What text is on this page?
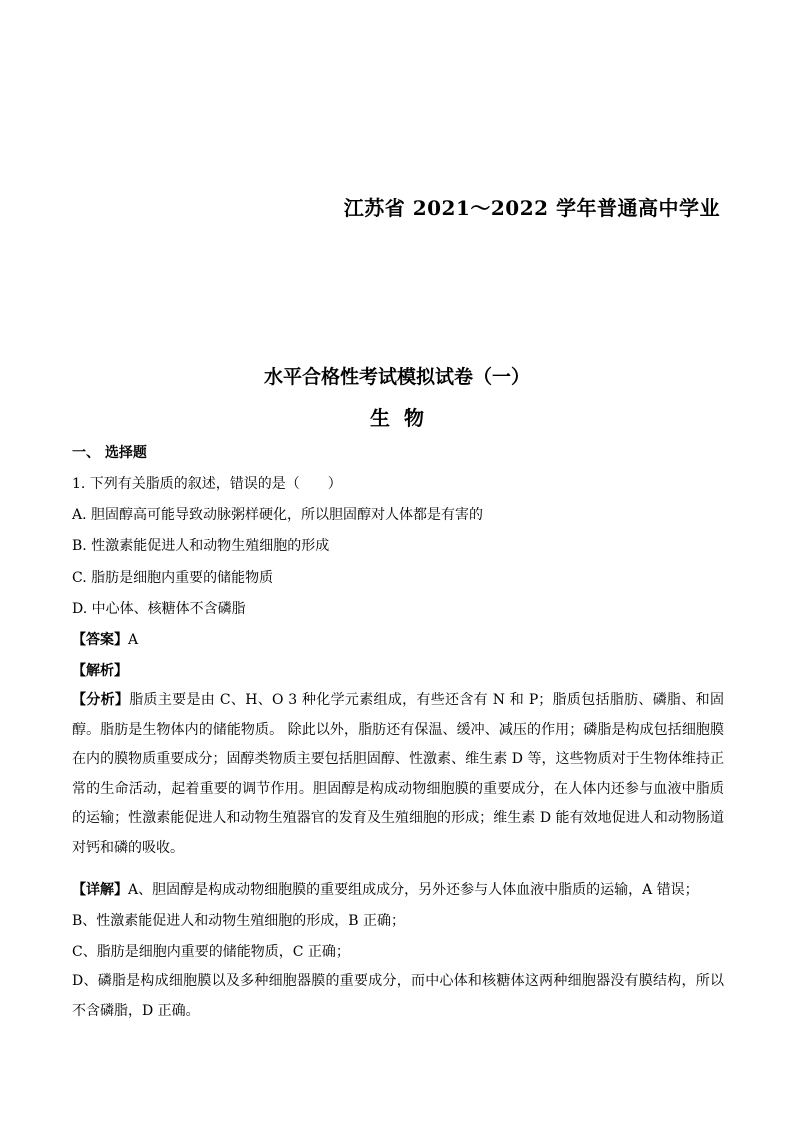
江苏省 2021～2022 学年普通高中学业
水平合格性考试模拟试卷（一）
生物
一、 选择题
1. 下列有关脂质的叙述，错误的是（　　）
A. 胆固醇高可能导致动脉粥样硬化，所以胆固醇对人体都是有害的
B. 性激素能促进人和动物生殖细胞的形成
C. 脂肪是细胞内重要的储能物质
D. 中心体、核糖体不含磷脂
【答案】A
【解析】
【分析】脂质主要是由 C、H、O 3 种化学元素组成，有些还含有 N 和 P；脂质包括脂肪、磷脂、和固醇。脂肪是生物体内的储能物质。 除此以外，脂肪还有保温、缓冲、减压的作用；磷脂是构成包括细胞膜在内的膜物质重要成分；固醇类物质主要包括胆固醇、性激素、维生素 D 等，这些物质对于生物体维持正常的生命活动，起着重要的调节作用。胆固醇是构成动物细胞膜的重要成分，在人体内还参与血液中脂质的运输；性激素能促进人和动物生殖器官的发育及生殖细胞的形成；维生素 D 能有效地促进人和动物肠道对钙和磷的吸收。
【详解】A、胆固醇是构成动物细胞膜的重要组成成分，另外还参与人体血液中脂质的运输，A 错误；
B、性激素能促进人和动物生殖细胞的形成，B 正确；
C、脂肪是细胞内重要的储能物质，C 正确；
D、磷脂是构成细胞膜以及多种细胞器膜的重要成分，而中心体和核糖体这两种细胞器没有膜结构，所以不含磷脂，D 正确。
